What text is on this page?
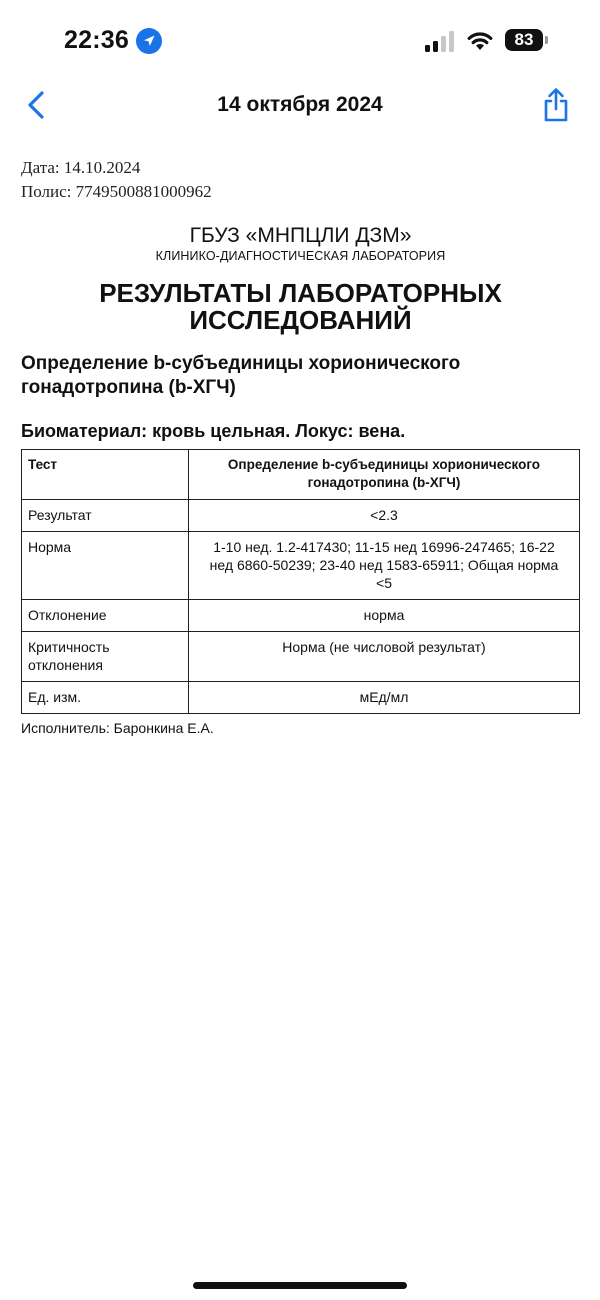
22:36	83
14 октября 2024
Дата: 14.10.2024
Полис: 7749500881000962
ГБУЗ «МНПЦЛИ ДЗМ»
КЛИНИКО-ДИАГНОСТИЧЕСКАЯ ЛАБОРАТОРИЯ
РЕЗУЛЬТАТЫ ЛАБОРАТОРНЫХ ИССЛЕДОВАНИЙ
Определение b-субъединицы хорионического гонадотропина (b-ХГЧ)
Биоматериал: кровь цельная. Локус: вена.
Тест	Определение b-субъединицы хорионического гонадотропина (b-ХГЧ)
Результат	<2.3
Норма	1-10 нед. 1.2-417430; 11-15 нед 16996-247465; 16-22 нед 6860-50239; 23-40 нед 1583-65911; Общая норма <5
Отклонение	норма
Критичность отклонения	Норма (не числовой результат)
Ед. изм.	мЕд/мл
Исполнитель: Баронкина Е.А.
